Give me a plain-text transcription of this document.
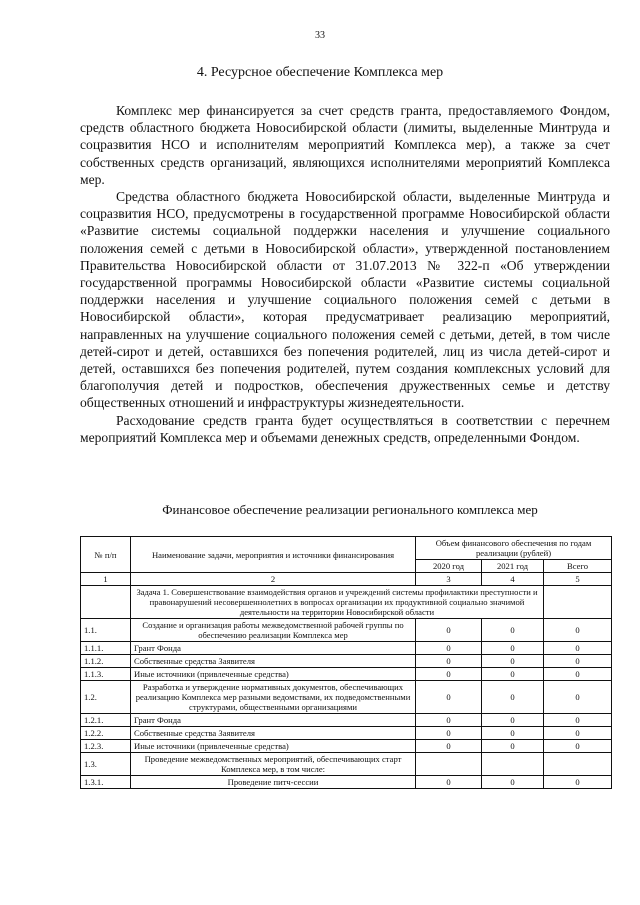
33
4. Ресурсное обеспечение Комплекса мер

Комплекс мер финансируется за счет средств гранта, предоставляемого Фондом, средств областного бюджета Новосибирской области (лимиты, выделенные Минтруда и соцразвития НСО и исполнителям мероприятий Комплекса мер), а также за счет собственных средств организаций, являющихся исполнителями мероприятий Комплекса мер.

Средства областного бюджета Новосибирской области, выделенные Минтруда и соцразвития НСО, предусмотрены в государственной программе Новосибирской области «Развитие системы социальной поддержки населения и улучшение социального положения семей с детьми в Новосибирской области», утвержденной постановлением Правительства Новосибирской области от 31.07.2013 № 322-п «Об утверждении государственной программы Новосибирской области «Развитие системы социальной поддержки населения и улучшение социального положения семей с детьми в Новосибирской области», которая предусматривает реализацию мероприятий, направленных на улучшение социального положения семей с детьми, детей, в том числе детей-сирот и детей, оставшихся без попечения родителей, лиц из числа детей-сирот и детей, оставшихся без попечения родителей, путем создания комплексных условий для благополучия детей и подростков, обеспечения дружественных семье и детству общественных отношений и инфраструктуры жизнедеятельности.

Расходование средств гранта будет осуществляться в соответствии с перечнем мероприятий Комплекса мер и объемами денежных средств, определенными Фондом.

Финансовое обеспечение реализации регионального комплекса мер
№ п/п	Наименование задачи, мероприятия и источники финансирования	Объем финансового обеспечения по годам реализации (рублей)		
		2020 год	2021 год	Всего
1	2	3	4	5
	Задача 1. Совершенствование взаимодействия органов и учреждений системы профилактики преступности и правонарушений несовершеннолетних в вопросах организации их продуктивной социально значимой деятельности на территории Новосибирской области			
1.1.	Создание и организация работы межведомственной рабочей группы по обеспечению реализации Комплекса мер	0	0	0
1.1.1.	Грант Фонда	0	0	0
1.1.2.	Собственные средства Заявителя	0	0	0
1.1.3.	Иные источники (привлеченные средства)	0	0	0
1.2.	Разработка и утверждение нормативных документов, обеспечивающих реализацию Комплекса мер разными ведомствами, их подведомственными структурами, общественными организациями	0	0	0
1.2.1.	Грант Фонда	0	0	0
1.2.2.	Собственные средства Заявителя	0	0	0
1.2.3.	Иные источники (привлеченные средства)	0	0	0
1.3.	Проведение межведомственных мероприятий, обеспечивающих старт Комплекса мер, в том числе:			
1.3.1.	Проведение питч-сессии	0	0	0
